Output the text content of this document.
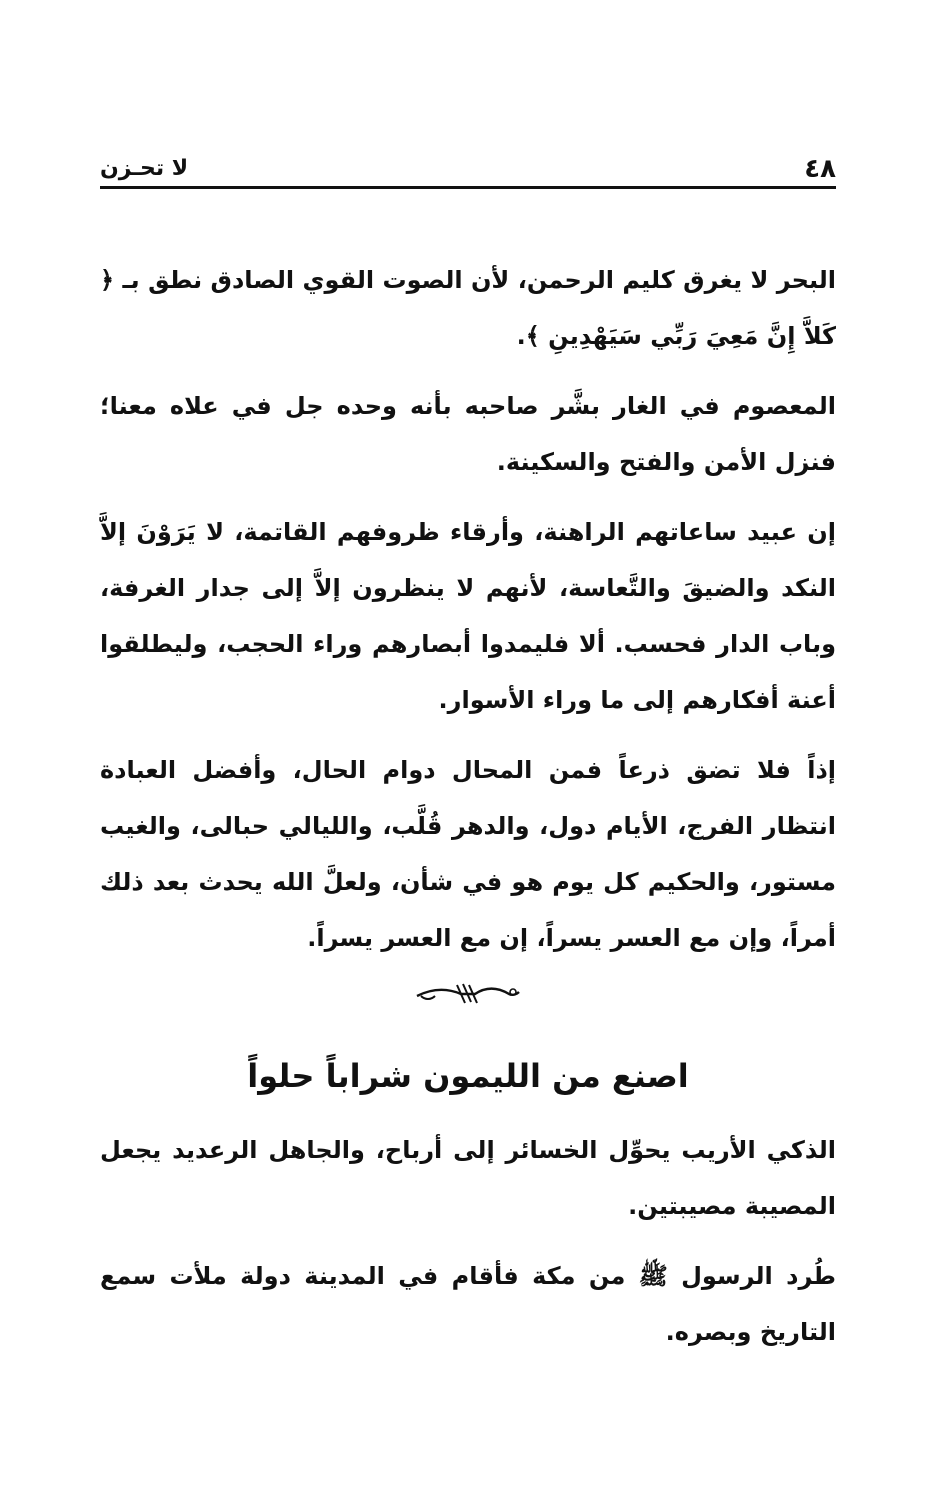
٤٨
لا تحـزن

البحر لا يغرق كليم الرحمن، لأن الصوت القوي الصادق نطق بـ ﴿ كَلاَّ إِنَّ مَعِيَ رَبِّي سَيَهْدِينِ ﴾.

المعصوم في الغار بشَّر صاحبه بأنه وحده جل في علاه معنا؛ فنزل الأمن والفتح والسكينة.

إن عبيد ساعاتهم الراهنة، وأرقاء ظروفهم القاتمة، لا يَرَوْنَ إلاَّ النكد والضيقَ والتَّعاسة، لأنهم لا ينظرون إلاَّ إلى جدار الغرفة، وباب الدار فحسب. ألا فليمدوا أبصارهم وراء الحجب، وليطلقوا أعنة أفكارهم إلى ما وراء الأسوار.

إذاً فلا تضق ذرعاً فمن المحال دوام الحال، وأفضل العبادة انتظار الفرج، الأيام دول، والدهر قُلَّب، والليالي حبالى، والغيب مستور، والحكيم كل يوم هو في شأن، ولعلَّ الله يحدث بعد ذلك أمراً، وإن مع العسر يسراً، إن مع العسر يسراً.

اصنع من الليمون شراباً حلواً

الذكي الأريب يحوِّل الخسائر إلى أرباح، والجاهل الرعديد يجعل المصيبة مصيبتين.

طُرد الرسول ﷺ من مكة فأقام في المدينة دولة ملأت سمع التاريخ وبصره.
